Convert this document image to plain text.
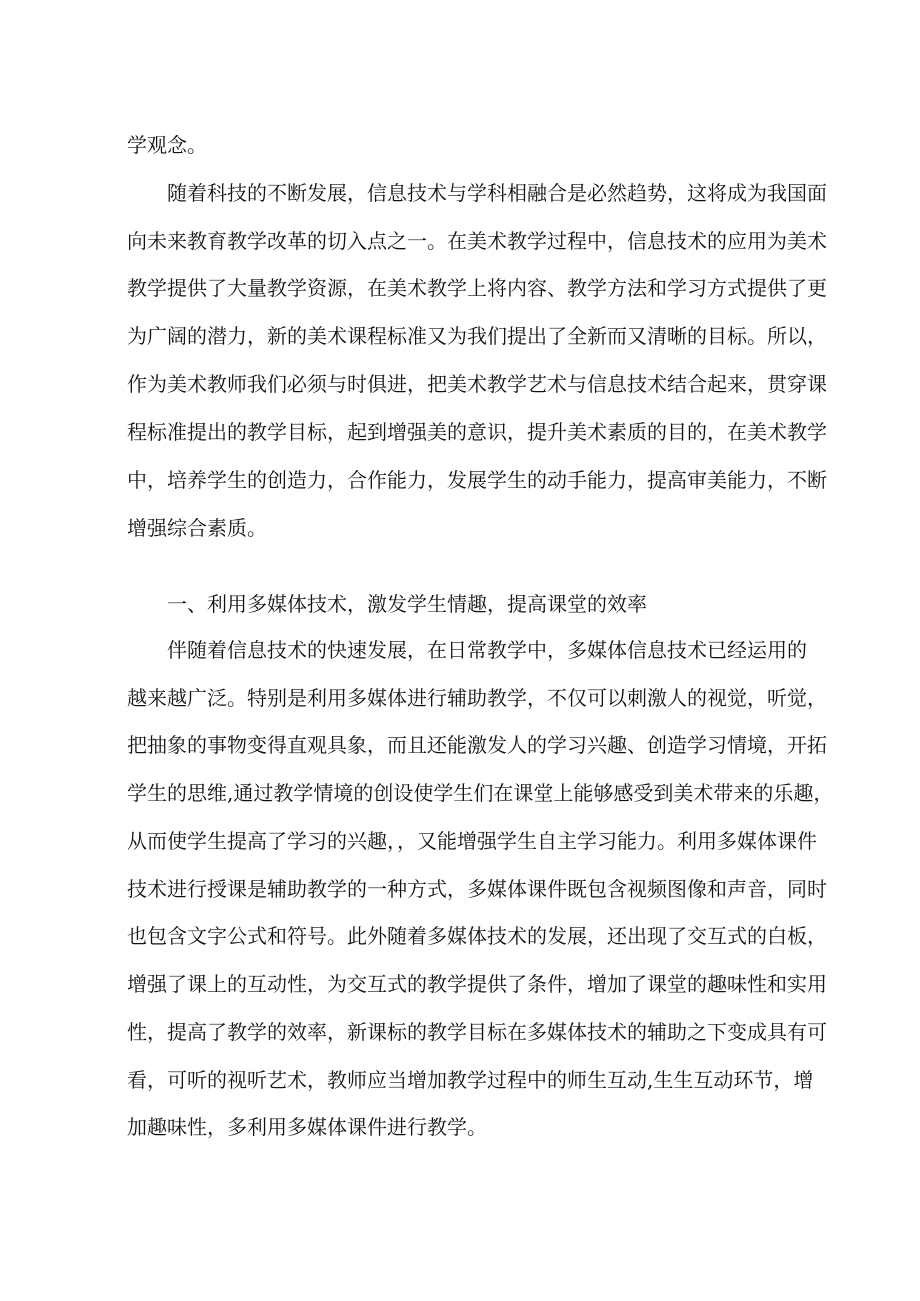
学观念。
随着科技的不断发展，信息技术与学科相融合是必然趋势，这将成为我国面
向未来教育教学改革的切入点之一。在美术教学过程中，信息技术的应用为美术
教学提供了大量教学资源，在美术教学上将内容、教学方法和学习方式提供了更
为广阔的潜力，新的美术课程标准又为我们提出了全新而又清晰的目标。所以，
作为美术教师我们必须与时俱进，把美术教学艺术与信息技术结合起来，贯穿课
程标准提出的教学目标，起到增强美的意识，提升美术素质的目的，在美术教学
中，培养学生的创造力，合作能力，发展学生的动手能力，提高审美能力，不断
增强综合素质。
一、利用多媒体技术，激发学生情趣，提高课堂的效率
伴随着信息技术的快速发展，在日常教学中，多媒体信息技术已经运用的
越来越广泛。特别是利用多媒体进行辅助教学，不仅可以刺激人的视觉，听觉，
把抽象的事物变得直观具象，而且还能激发人的学习兴趣、创造学习情境，开拓
学生的思维,通过教学情境的创设使学生们在课堂上能够感受到美术带来的乐趣，
从而使学生提高了学习的兴趣，，又能增强学生自主学习能力。利用多媒体课件
技术进行授课是辅助教学的一种方式，多媒体课件既包含视频图像和声音，同时
也包含文字公式和符号。此外随着多媒体技术的发展，还出现了交互式的白板，
增强了课上的互动性，为交互式的教学提供了条件，增加了课堂的趣味性和实用
性，提高了教学的效率，新课标的教学目标在多媒体技术的辅助之下变成具有可
看，可听的视听艺术，教师应当增加教学过程中的师生互动,生生互动环节，增
加趣味性，多利用多媒体课件进行教学。
